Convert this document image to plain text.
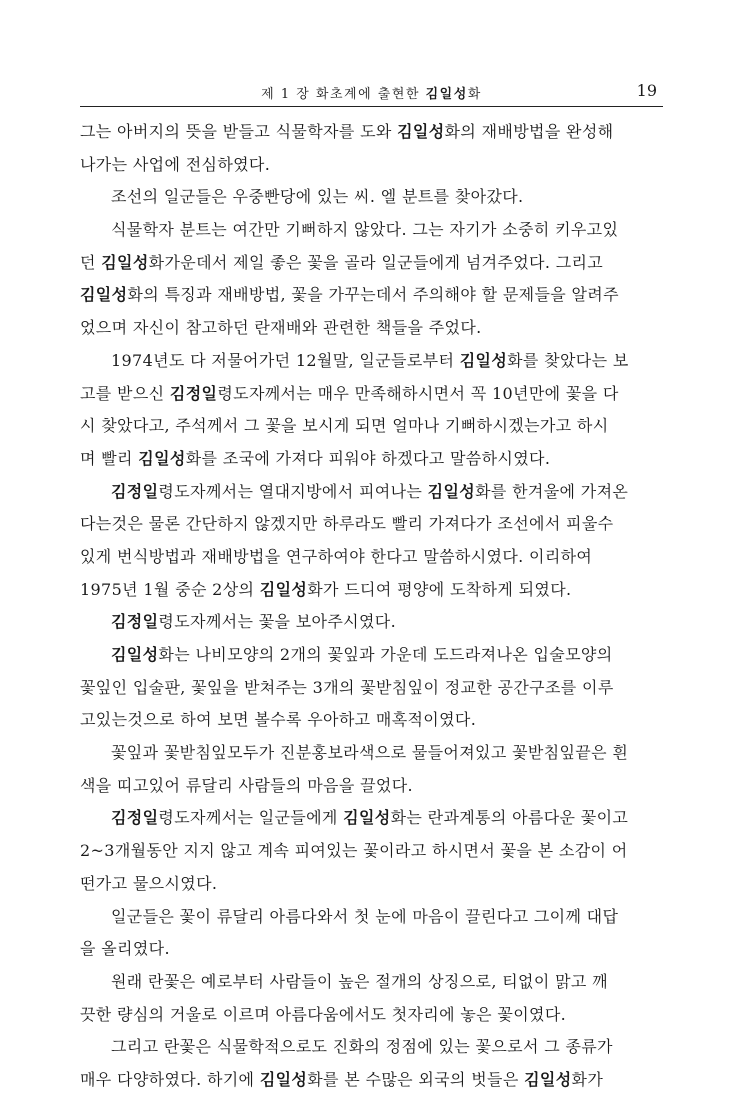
제 1 장 화초계에 출현한 김일성화	19
그는 아버지의 뜻을 받들고 식물학자를 도와 김일성화의 재배방법을 완성해
나가는 사업에 전심하였다.
조선의 일군들은 우중빤당에 있는 씨. 엘 분트를 찾아갔다.
식물학자 분트는 여간만 기뻐하지 않았다. 그는 자기가 소중히 키우고있
던 김일성화가운데서 제일 좋은 꽃을 골라 일군들에게 넘겨주었다. 그리고
김일성화의 특징과 재배방법, 꽃을 가꾸는데서 주의해야 할 문제들을 알려주
었으며 자신이 참고하던 란재배와 관련한 책들을 주었다.
1974년도 다 저물어가던 12월말, 일군들로부터 김일성화를 찾았다는 보
고를 받으신 김정일령도자께서는 매우 만족해하시면서 꼭 10년만에 꽃을 다
시 찾았다고, 주석께서 그 꽃을 보시게 되면 얼마나 기뻐하시겠는가고 하시
며 빨리 김일성화를 조국에 가져다 피워야 하겠다고 말씀하시였다.
김정일령도자께서는 열대지방에서 피여나는 김일성화를 한겨울에 가져온
다는것은 물론 간단하지 않겠지만 하루라도 빨리 가져다가 조선에서 피울수
있게 번식방법과 재배방법을 연구하여야 한다고 말씀하시였다. 이리하여
1975년 1월 중순 2상의 김일성화가 드디여 평양에 도착하게 되였다.
김정일령도자께서는 꽃을 보아주시였다.
김일성화는 나비모양의 2개의 꽃잎과 가운데 도드라져나온 입술모양의
꽃잎인 입술판, 꽃잎을 받쳐주는 3개의 꽃받침잎이 정교한 공간구조를 이루
고있는것으로 하여 보면 볼수록 우아하고 매혹적이였다.
꽃잎과 꽃받침잎모두가 진분홍보라색으로 물들어져있고 꽃받침잎끝은 흰
색을 띠고있어 류달리 사람들의 마음을 끌었다.
김정일령도자께서는 일군들에게 김일성화는 란과계통의 아름다운 꽃이고
2~3개월동안 지지 않고 계속 피여있는 꽃이라고 하시면서 꽃을 본 소감이 어
떤가고 물으시였다.
일군들은 꽃이 류달리 아름다와서 첫 눈에 마음이 끌린다고 그이께 대답
을 올리였다.
원래 란꽃은 예로부터 사람들이 높은 절개의 상징으로, 티없이 맑고 깨
끗한 량심의 거울로 이르며 아름다움에서도 첫자리에 놓은 꽃이였다.
그리고 란꽃은 식물학적으로도 진화의 정점에 있는 꽃으로서 그 종류가
매우 다양하였다. 하기에 김일성화를 본 수많은 외국의 벗들은 김일성화가
